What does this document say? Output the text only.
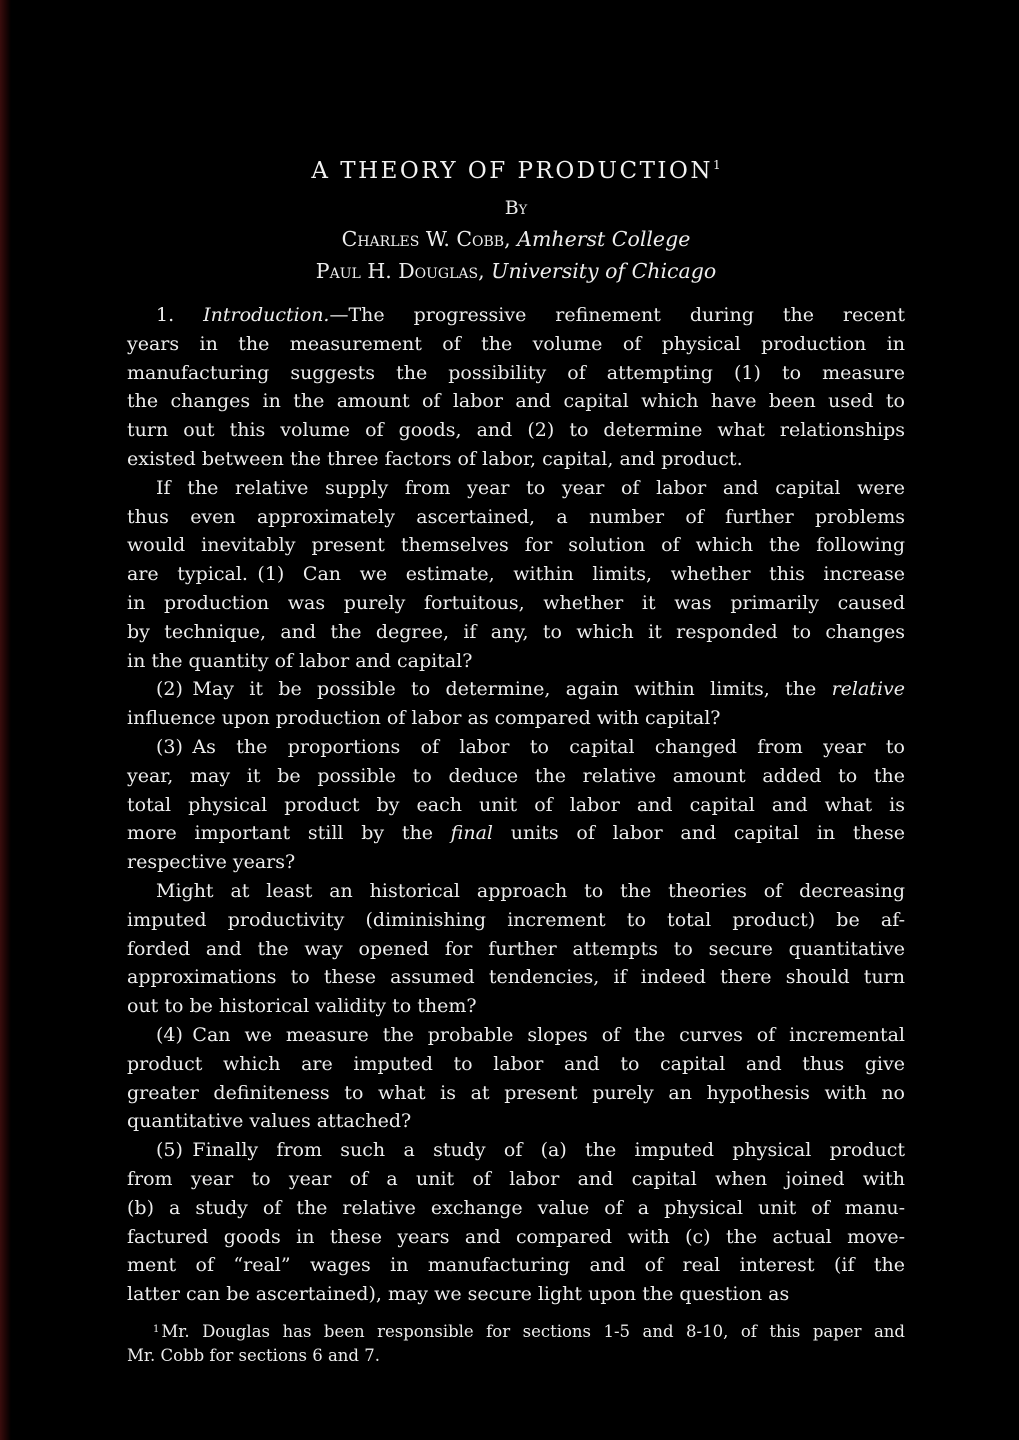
A THEORY OF PRODUCTION$^1$
By
Charles W. Cobb, Amherst College
Paul H. Douglas, University of Chicago
1. Introduction.—The progressive refinement during the recent
years in the measurement of the volume of physical production in
manufacturing suggests the possibility of attempting (1) to measure
the changes in the amount of labor and capital which have been used to
turn out this volume of goods, and (2) to determine what relationships
existed between the three factors of labor, capital, and product.
If the relative supply from year to year of labor and capital were
thus even approximately ascertained, a number of further problems
would inevitably present themselves for solution of which the following
are typical. (1) Can we estimate, within limits, whether this increase
in production was purely fortuitous, whether it was primarily caused
by technique, and the degree, if any, to which it responded to changes
in the quantity of labor and capital?
(2) May it be possible to determine, again within limits, the relative
influence upon production of labor as compared with capital?
(3) As the proportions of labor to capital changed from year to
year, may it be possible to deduce the relative amount added to the
total physical product by each unit of labor and capital and what is
more important still by the final units of labor and capital in these
respective years?
Might at least an historical approach to the theories of decreasing
imputed productivity (diminishing increment to total product) be af-
forded and the way opened for further attempts to secure quantitative
approximations to these assumed tendencies, if indeed there should turn
out to be historical validity to them?
(4) Can we measure the probable slopes of the curves of incremental
product which are imputed to labor and to capital and thus give
greater definiteness to what is at present purely an hypothesis with no
quantitative values attached?
(5) Finally from such a study of (a) the imputed physical product
from year to year of a unit of labor and capital when joined with
(b) a study of the relative exchange value of a physical unit of manu-
factured goods in these years and compared with (c) the actual move-
ment of “real” wages in manufacturing and of real interest (if the
latter can be ascertained), may we secure light upon the question as
$^1$ Mr. Douglas has been responsible for sections 1-5 and 8-10, of this paper and
Mr. Cobb for sections 6 and 7.
